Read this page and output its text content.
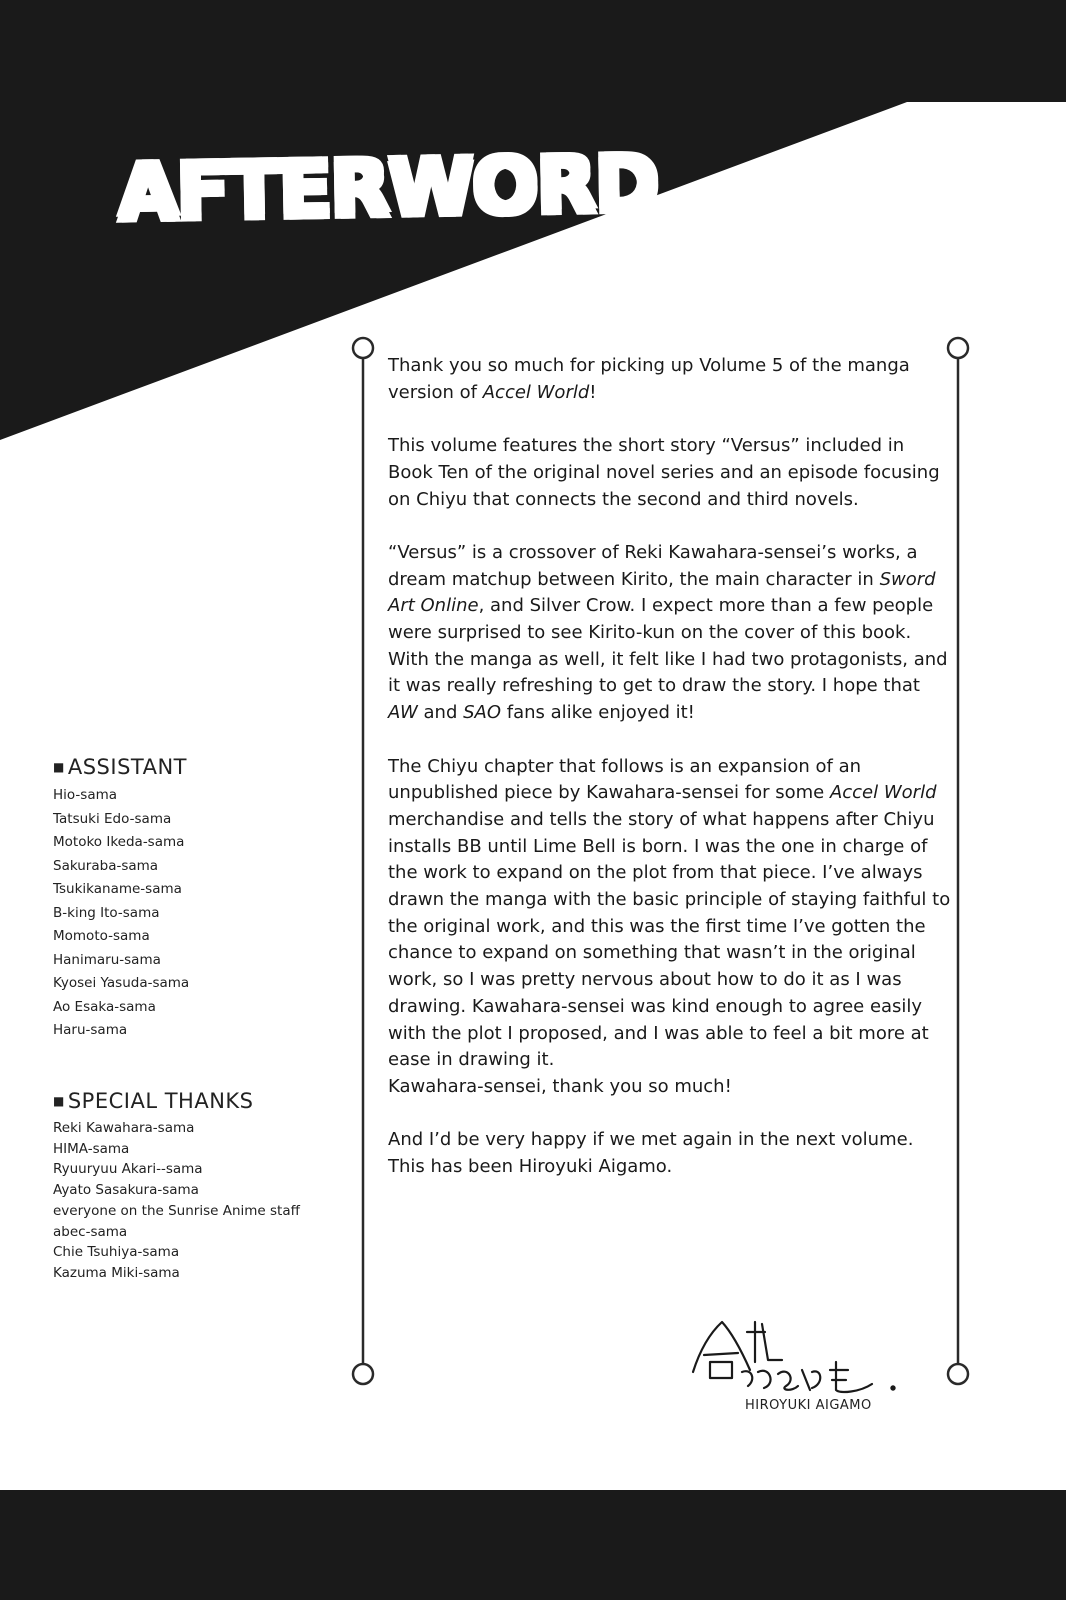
AFTERWORD
■ ASSISTANT
Hio-sama
Tatsuki Edo-sama
Motoko Ikeda-sama
Sakuraba-sama
Tsukikaname-sama
B-king Ito-sama
Momoto-sama
Hanimaru-sama
Kyosei Yasuda-sama
Ao Esaka-sama
Haru-sama
■ SPECIAL THANKS
Reki Kawahara-sama
HIMA-sama
Ryuuryuu Akari--sama
Ayato Sasakura-sama
everyone on the Sunrise Anime staff
abec-sama
Chie Tsuhiya-sama
Kazuma Miki-sama

Thank you so much for picking up Volume 5 of the manga version of Accel World!

This volume features the short story “Versus” included in Book Ten of the original novel series and an episode focusing on Chiyu that connects the second and third novels.

“Versus” is a crossover of Reki Kawahara-sensei’s works, a dream matchup between Kirito, the main character in Sword Art Online, and Silver Crow. I expect more than a few people were surprised to see Kirito-kun on the cover of this book. With the manga as well, it felt like I had two protagonists, and it was really refreshing to get to draw the story. I hope that AW and SAO fans alike enjoyed it!

The Chiyu chapter that follows is an expansion of an unpublished piece by Kawahara-sensei for some Accel World merchandise and tells the story of what happens after Chiyu installs BB until Lime Bell is born. I was the one in charge of the work to expand on the plot from that piece. I’ve always drawn the manga with the basic principle of staying faithful to the original work, and this was the first time I’ve gotten the chance to expand on something that wasn’t in the original work, so I was pretty nervous about how to do it as I was drawing. Kawahara-sensei was kind enough to agree easily with the plot I proposed, and I was able to feel a bit more at ease in drawing it.

Kawahara-sensei, thank you so much!

And I’d be very happy if we met again in the next volume. This has been Hiroyuki Aigamo.

HIROYUKI AIGAMO
